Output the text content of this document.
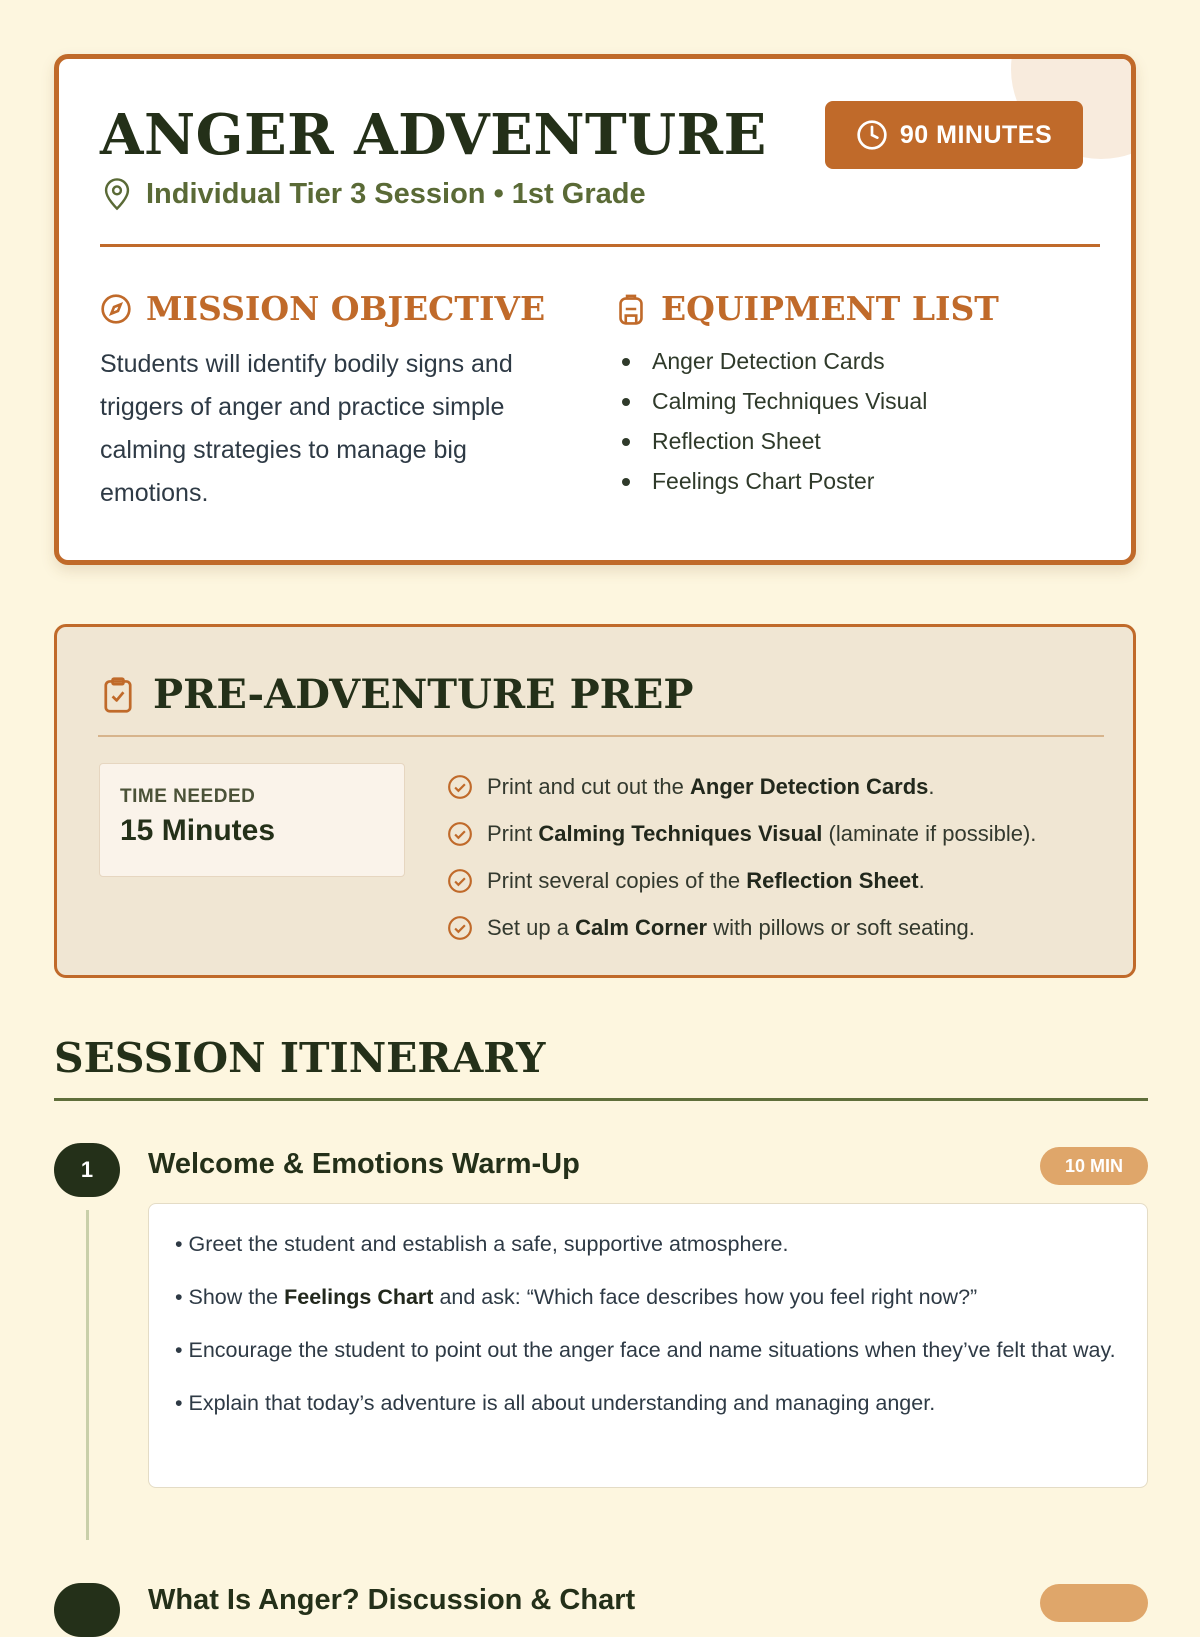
ANGER ADVENTURE	90 MINUTES
Individual Tier 3 Session • 1st Grade
MISSION OBJECTIVE

Students will identify bodily signs and triggers of anger and practice simple calming strategies to manage big emotions.

EQUIPMENT LIST
Anger Detection Cards
Calming Techniques Visual
Reflection Sheet
Feelings Chart Poster
PRE-ADVENTURE PREP
TIME NEEDED
15 Minutes
Print and cut out the Anger Detection Cards.
Print Calming Techniques Visual (laminate if possible).
Print several copies of the Reflection Sheet.
Set up a Calm Corner with pillows or soft seating.
SESSION ITINERARY
1	Welcome & Emotions Warm-Up	10 MIN

• Greet the student and establish a safe, supportive atmosphere.

• Show the Feelings Chart and ask: “Which face describes how you feel right now?”

• Encourage the student to point out the anger face and name situations when they’ve felt that way.

• Explain that today’s adventure is all about understanding and managing anger.

What Is Anger? Discussion & Chart
